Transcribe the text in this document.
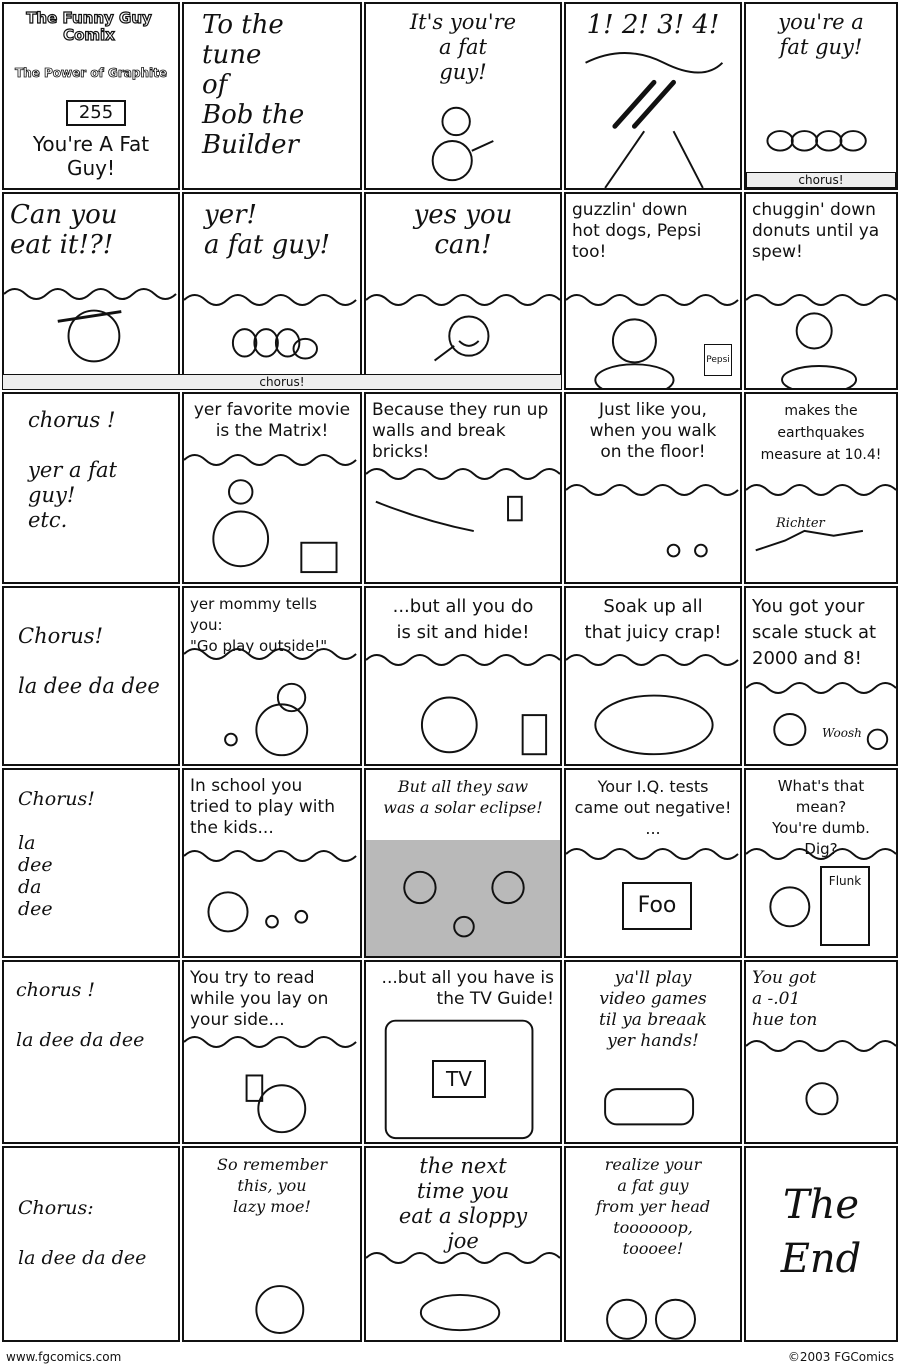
The Funny Guy Comix
The Power of Graphite
255
You're A Fat Guy!
To the
tune
of
Bob the
Builder
It's you're
a fat
guy!
1! 2! 3! 4!	you're a
fat guy!
chorus!
Can you
eat it!?!
yer!
a fat guy!
yes you
can!
guzzlin' down
hot dogs, Pepsi
too!
Pepsi
chuggin' down
donuts until ya
spew!
chorus!
chorus !

yer a fat
guy!
etc.
yer favorite movie
is the Matrix!
Because they run up
walls and break
bricks!
Just like you,
when you walk
on the floor!
makes the
earthquakes
measure at 10.4!
Richter
Chorus!

la dee da dee
yer mommy tells you:
"Go play outside!"
...but all you do
is sit and hide!
Soak up all
that juicy crap!
You got your
scale stuck at
2000 and 8!
Woosh
Chorus!

la
dee
da
dee
In school you
tried to play with
the kids...
But all they saw
was a solar eclipse!
Your I.Q. tests
came out negative!
...
Foo
What's that mean?
You're dumb.
Dig?
Flunk
chorus !

la dee da dee
You try to read
while you lay on
your side...
...but all you have is
the TV Guide!
TV
ya'll play
video games
til ya breaak
yer hands!
You got
a -.01
hue ton
Chorus:

la dee da dee
So remember
this, you
lazy moe!
the next
time you
eat a sloppy
joe
realize your
a fat guy
from yer head
toooooop,
toooee!
The
End
www.fgcomics.com	©2003 FGComics
